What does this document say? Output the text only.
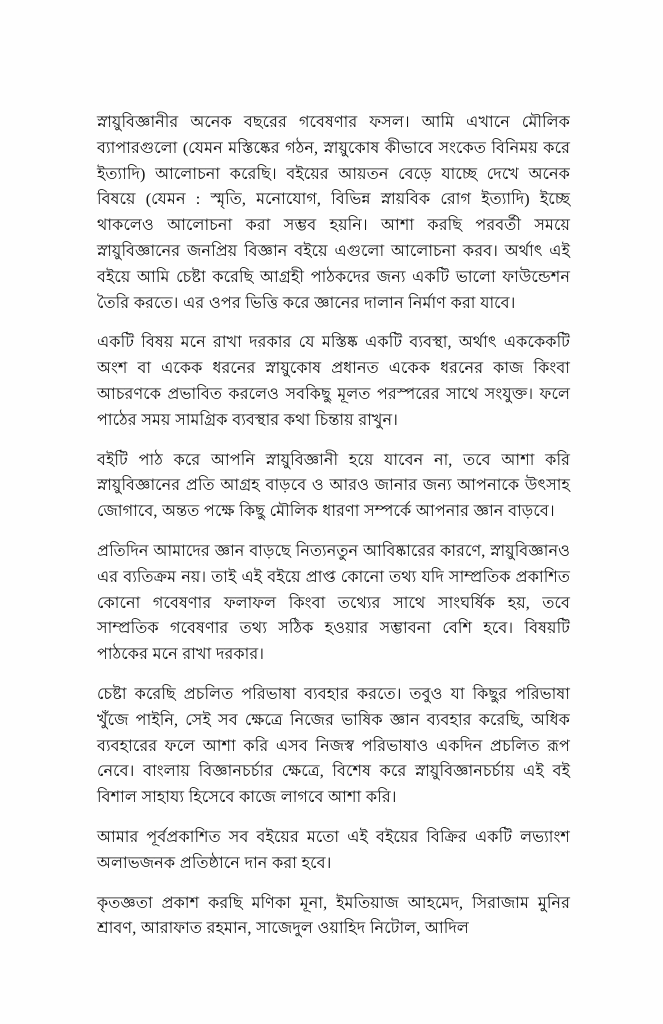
স্নায়ুবিজ্ঞানীর অনেক বছরের গবেষণার ফসল। আমি এখানে মৌলিক ব্যাপারগুলো (যেমন মস্তিষ্কের গঠন, স্নায়ুকোষ কীভাবে সংকেত বিনিময় করে ইত্যাদি) আলোচনা করেছি। বইয়ের আয়তন বেড়ে যাচ্ছে দেখে অনেক বিষয়ে (যেমন : স্মৃতি, মনোযোগ, বিভিন্ন স্নায়বিক রোগ ইত্যাদি) ইচ্ছে থাকলেও আলোচনা করা সম্ভব হয়নি। আশা করছি পরবর্তী সময়ে স্নায়ুবিজ্ঞানের জনপ্রিয় বিজ্ঞান বইয়ে এগুলো আলোচনা করব। অর্থাৎ এই বইয়ে আমি চেষ্টা করেছি আগ্রহী পাঠকদের জন্য একটি ভালো ফাউন্ডেশন তৈরি করতে। এর ওপর ভিত্তি করে জ্ঞানের দালান নির্মাণ করা যাবে।

একটি বিষয় মনে রাখা দরকার যে মস্তিষ্ক একটি ব্যবস্থা, অর্থাৎ এককেকটি অংশ বা একেক ধরনের স্নায়ুকোষ প্রধানত একেক ধরনের কাজ কিংবা আচরণকে প্রভাবিত করলেও সবকিছু মূলত পরস্পরের সাথে সংযুক্ত। ফলে পাঠের সময় সামগ্রিক ব্যবস্থার কথা চিন্তায় রাখুন।

বইটি পাঠ করে আপনি স্নায়ুবিজ্ঞানী হয়ে যাবেন না, তবে আশা করি স্নায়ুবিজ্ঞানের প্রতি আগ্রহ বাড়বে ও আরও জানার জন্য আপনাকে উৎসাহ জোগাবে, অন্তত পক্ষে কিছু মৌলিক ধারণা সম্পর্কে আপনার জ্ঞান বাড়বে।

প্রতিদিন আমাদের জ্ঞান বাড়ছে নিত্যনতুন আবিষ্কারের কারণে, স্নায়ুবিজ্ঞানও এর ব্যতিক্রম নয়। তাই এই বইয়ে প্রাপ্ত কোনো তথ্য যদি সাম্প্রতিক প্রকাশিত কোনো গবেষণার ফলাফল কিংবা তথ্যের সাথে সাংঘর্ষিক হয়, তবে সাম্প্রতিক গবেষণার তথ্য সঠিক হওয়ার সম্ভাবনা বেশি হবে। বিষয়টি পাঠকের মনে রাখা দরকার।

চেষ্টা করেছি প্রচলিত পরিভাষা ব্যবহার করতে। তবুও যা কিছুর পরিভাষা খুঁজে পাইনি, সেই সব ক্ষেত্রে নিজের ভাষিক জ্ঞান ব্যবহার করেছি, অধিক ব্যবহারের ফলে আশা করি এসব নিজস্ব পরিভাষাও একদিন প্রচলিত রূপ নেবে। বাংলায় বিজ্ঞানচর্চার ক্ষেত্রে, বিশেষ করে স্নায়ুবিজ্ঞানচর্চায় এই বই বিশাল সাহায্য হিসেবে কাজে লাগবে আশা করি।

আমার পূর্বপ্রকাশিত সব বইয়ের মতো এই বইয়ের বিক্রির একটি লভ্যাংশ অলাভজনক প্রতিষ্ঠানে দান করা হবে।

কৃতজ্ঞতা প্রকাশ করছি মণিকা মূনা, ইমতিয়াজ আহমেদ, সিরাজাম মুনির শ্রাবণ, আরাফাত রহমান, সাজেদুল ওয়াহিদ নিটোল, আদিল
